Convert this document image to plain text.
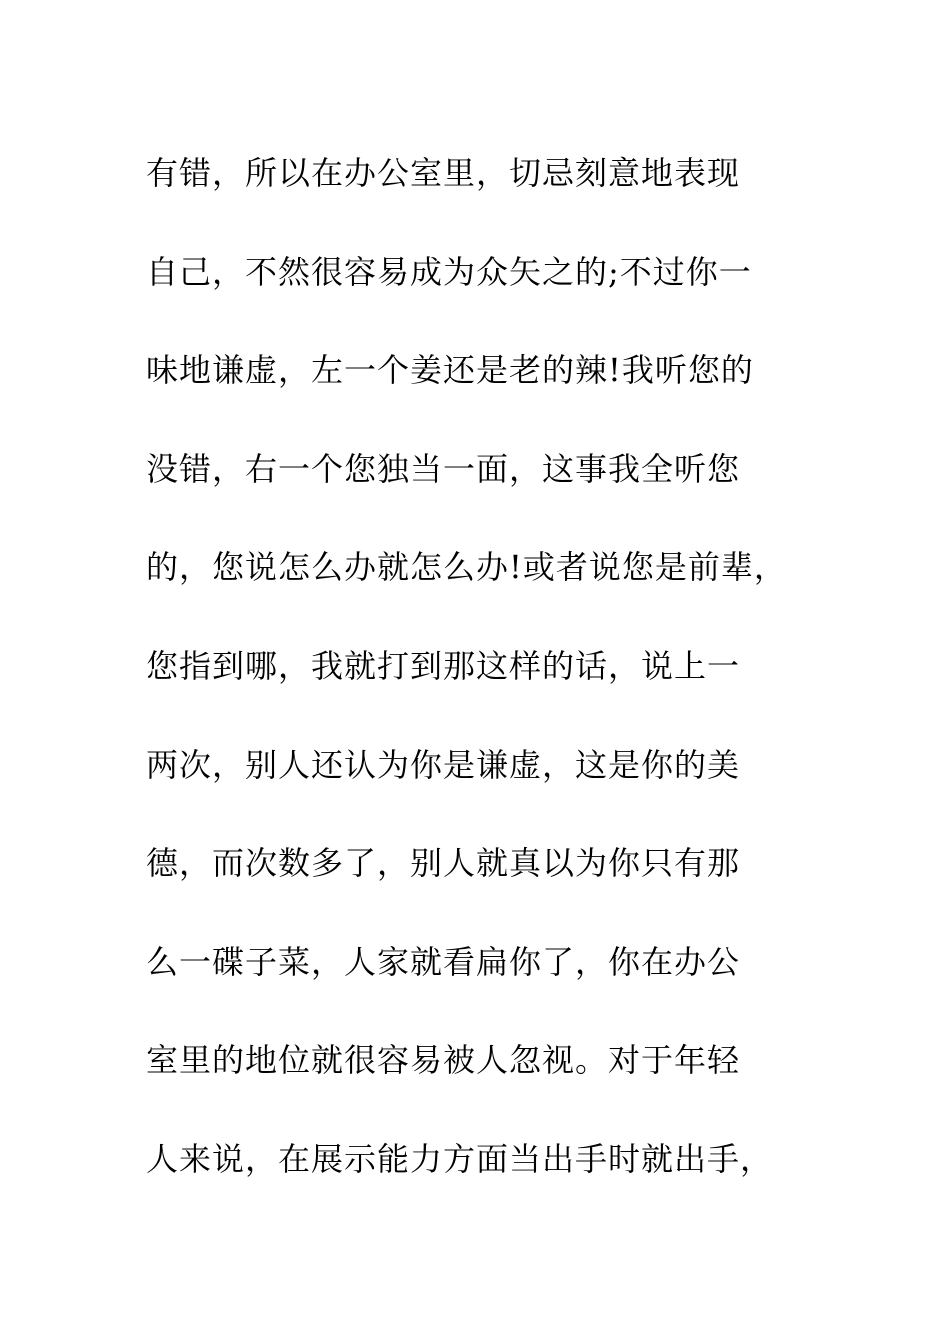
有错，所以在办公室里，切忌刻意地表现
自己，不然很容易成为众矢之的;不过你一
味地谦虚，左一个姜还是老的辣!我听您的
没错，右一个您独当一面，这事我全听您
的，您说怎么办就怎么办!或者说您是前辈，
您指到哪，我就打到那这样的话，说上一
两次，别人还认为你是谦虚，这是你的美
德，而次数多了，别人就真以为你只有那
么一碟子菜，人家就看扁你了，你在办公
室里的地位就很容易被人忽视。对于年轻
人来说，在展示能力方面当出手时就出手，
